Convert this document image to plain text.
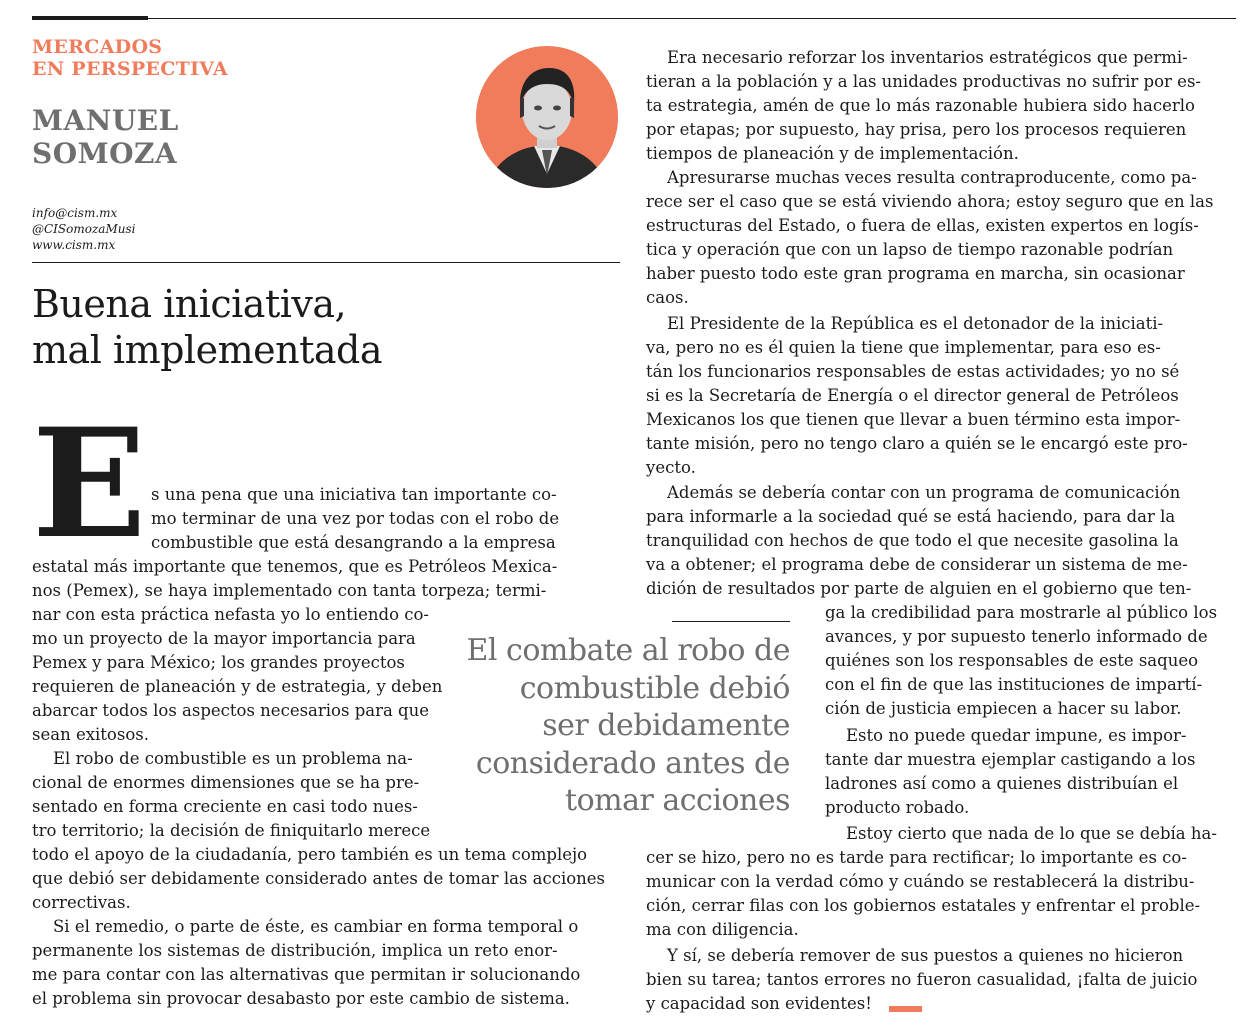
MERCADOS
EN PERSPECTIVA
MANUEL
SOMOZA
info@cism.mx
@CISomozaMusi
www.cism.mx
Buena iniciativa,
mal implementada
E s una pena que una iniciativa tan importante co-
mo terminar de una vez por todas con el robo de
combustible que está desangrando a la empresa
estatal más importante que tenemos, que es Petróleos Mexica-
nos (Pemex), se haya implementado con tanta torpeza; termi-
nar con esta práctica nefasta yo lo entiendo co-
mo un proyecto de la mayor importancia para
Pemex y para México; los grandes proyectos
requieren de planeación y de estrategia, y deben
abarcar todos los aspectos necesarios para que
sean exitosos.
El robo de combustible es un problema na-
cional de enormes dimensiones que se ha pre-
sentado en forma creciente en casi todo nues-
tro territorio; la decisión de finiquitarlo merece
todo el apoyo de la ciudadanía, pero también es un tema complejo
que debió ser debidamente considerado antes de tomar las acciones
correctivas.
Si el remedio, o parte de éste, es cambiar en forma temporal o
permanente los sistemas de distribución, implica un reto enor-
me para contar con las alternativas que permitan ir solucionando
el problema sin provocar desabasto por este cambio de sistema.
El combate al robo de
combustible debió
ser debidamente
considerado antes de
tomar acciones
Era necesario reforzar los inventarios estratégicos que permi-
tieran a la población y a las unidades productivas no sufrir por es-
ta estrategia, amén de que lo más razonable hubiera sido hacerlo
por etapas; por supuesto, hay prisa, pero los procesos requieren
tiempos de planeación y de implementación.
Apresurarse muchas veces resulta contraproducente, como pa-
rece ser el caso que se está viviendo ahora; estoy seguro que en las
estructuras del Estado, o fuera de ellas, existen expertos en logís-
tica y operación que con un lapso de tiempo razonable podrían
haber puesto todo este gran programa en marcha, sin ocasionar
caos.
El Presidente de la República es el detonador de la iniciati-
va, pero no es él quien la tiene que implementar, para eso es-
tán los funcionarios responsables de estas actividades; yo no sé
si es la Secretaría de Energía o el director general de Petróleos
Mexicanos los que tienen que llevar a buen término esta impor-
tante misión, pero no tengo claro a quién se le encargó este pro-
yecto.
Además se debería contar con un programa de comunicación
para informarle a la sociedad qué se está haciendo, para dar la
tranquilidad con hechos de que todo el que necesite gasolina la
va a obtener; el programa debe de considerar un sistema de me-
dición de resultados por parte de alguien en el gobierno que ten-
ga la credibilidad para mostrarle al público los
avances, y por supuesto tenerlo informado de
quiénes son los responsables de este saqueo
con el fin de que las instituciones de impartí-
ción de justicia empiecen a hacer su labor.
Esto no puede quedar impune, es impor-
tante dar muestra ejemplar castigando a los
ladrones así como a quienes distribuían el
producto robado.
Estoy cierto que nada de lo que se debía ha-
cer se hizo, pero no es tarde para rectificar; lo importante es co-
municar con la verdad cómo y cuándo se restablecerá la distribu-
ción, cerrar filas con los gobiernos estatales y enfrentar el proble-
ma con diligencia.
Y sí, se debería remover de sus puestos a quienes no hicieron
bien su tarea; tantos errores no fueron casualidad, ¡falta de juicio
y capacidad son evidentes!
